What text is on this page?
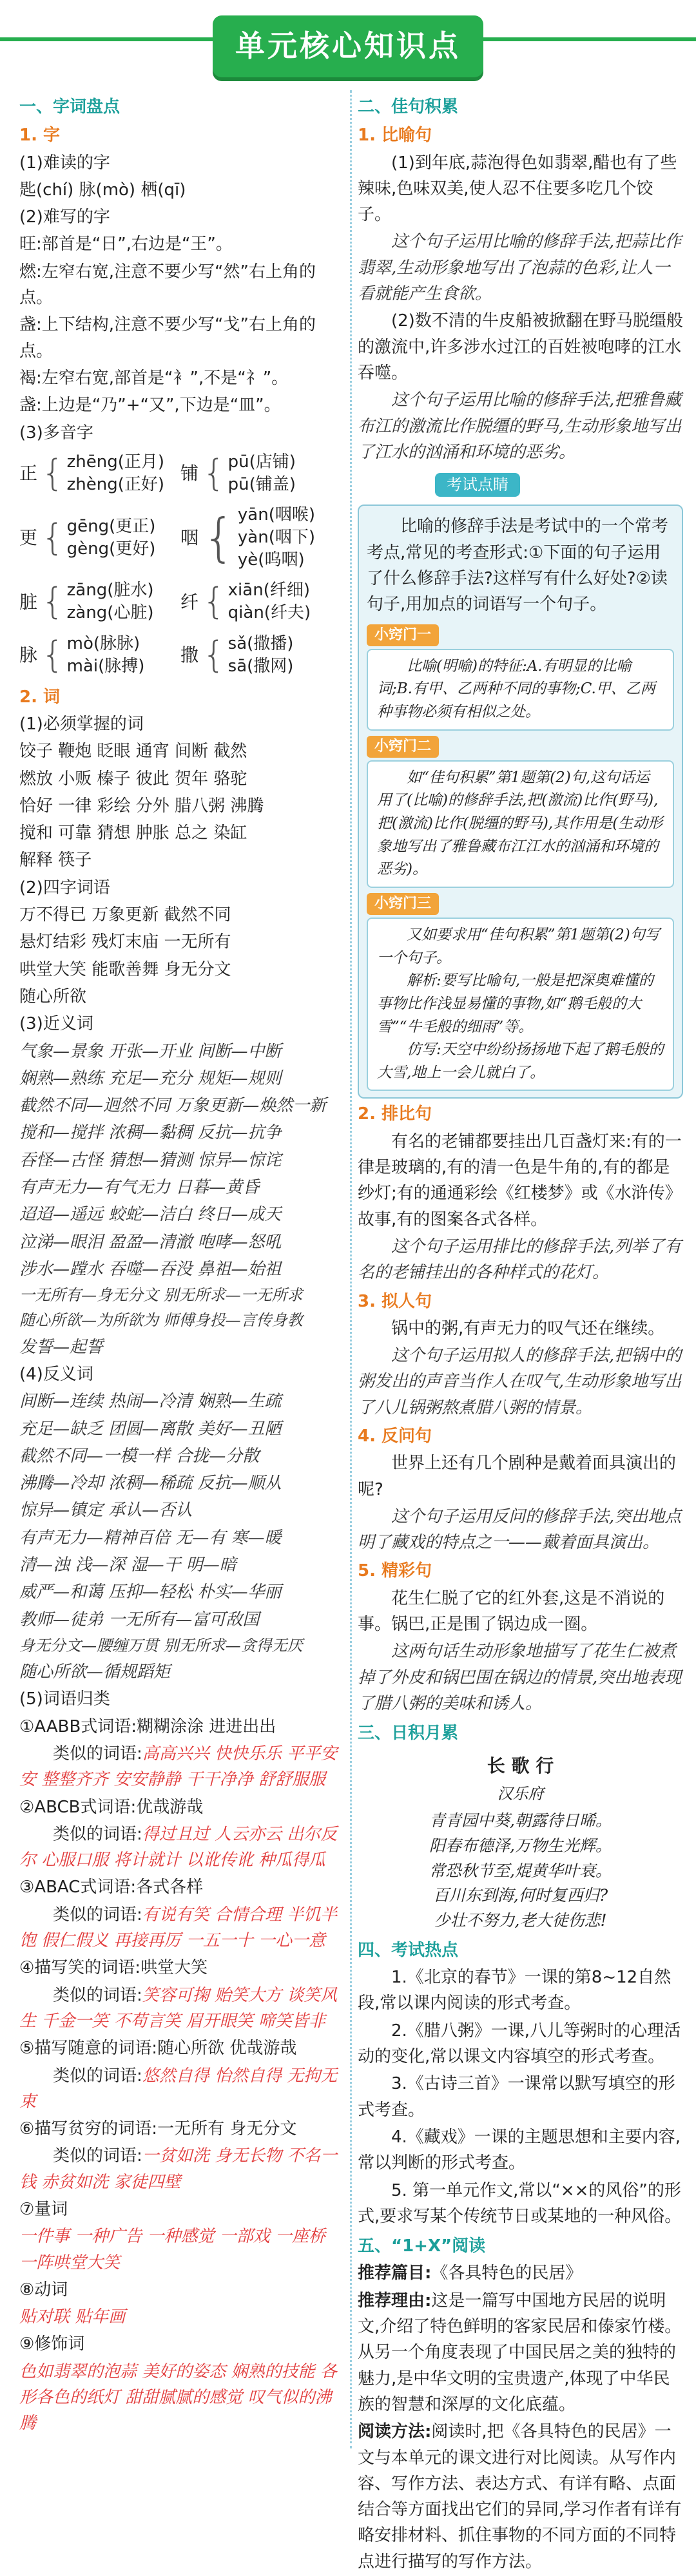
单元核心知识点
一、字词盘点
1. 字
(1)难读的字
匙(chí) 脉(mò) 栖(qī)
(2)难写的字
旺:部首是“日”,右边是“王”。
燃:左窄右宽,注意不要少写“然”右上角的点。
盏:上下结构,注意不要少写“戈”右上角的点。
褐:左窄右宽,部首是“衤”,不是“礻”。
盏:上边是“乃”+“又”,下边是“皿”。
(3)多音字
正 { zhēng(正月)
zhèng(正好)
铺 { pū(店铺)
pū(铺盖)
更 { gēng(更正)
gèng(更好)
咽 { yān(咽喉)
yàn(咽下)
yè(呜咽)
脏 { zāng(脏水)
zàng(心脏)
纤 { xiān(纤细)
qiàn(纤夫)
脉 { mò(脉脉)
mài(脉搏)
撒 { sǎ(撒播)
sā(撒网)
2. 词
(1)必须掌握的词
饺子 鞭炮 眨眼 通宵 间断 截然
燃放 小贩 榛子 彼此 贺年 骆驼
恰好 一律 彩绘 分外 腊八粥 沸腾
搅和 可靠 猜想 肿胀 总之 染缸
解释 筷子
(2)四字词语
万不得已 万象更新 截然不同
悬灯结彩 残灯末庙 一无所有
哄堂大笑 能歌善舞 身无分文
随心所欲
(3)近义词
气象—景象 开张—开业 间断—中断
娴熟—熟练 充足—充分 规矩—规则
截然不同—迥然不同 万象更新—焕然一新
搅和—搅拌 浓稠—黏稠 反抗—抗争
吞怪—古怪 猜想—猜测 惊异—惊诧
有声无力—有气无力 日暮—黄昏
迢迢—遥远 蛟蛇—洁白 终日—成天
泣涕—眼泪 盈盈—清澈 咆哮—怒吼
涉水—蹚水 吞噬—吞没 鼻祖—始祖
一无所有—身无分文 别无所求—一无所求
随心所欲—为所欲为 师傅身投—言传身教
发誓—起誓
(4)反义词
间断—连续 热闹—冷清 娴熟—生疏
充足—缺乏 团圆—离散 美好—丑陋
截然不同—一模一样 合拢—分散
沸腾—冷却 浓稠—稀疏 反抗—顺从
惊异—镇定 承认—否认
有声无力—精神百倍 无—有 寒—暖
清—浊 浅—深 湿—干 明—暗
威严—和蔼 压抑—轻松 朴实—华丽
教师—徒弟 一无所有—富可敌国
身无分文—腰缠万贯 别无所求—贪得无厌
随心所欲—循规蹈矩
(5)词语归类
①AABB式词语:糊糊涂涂 进进出出
类似的词语:高高兴兴 快快乐乐 平平安安 整整齐齐 安安静静 干干净净 舒舒服服
②ABCB式词语:优哉游哉
类似的词语:得过且过 人云亦云 出尔反尔 心服口服 将计就计 以讹传讹 种瓜得瓜
③ABAC式词语:各式各样
类似的词语:有说有笑 合情合理 半饥半饱 假仁假义 再接再厉 一五一十 一心一意
④描写笑的词语:哄堂大笑
类似的词语:笑容可掬 贻笑大方 谈笑风生 千金一笑 不苟言笑 眉开眼笑 啼笑皆非
⑤描写随意的词语:随心所欲 优哉游哉
类似的词语:悠然自得 怡然自得 无拘无束
⑥描写贫穷的词语:一无所有 身无分文
类似的词语:一贫如洗 身无长物 不名一钱 赤贫如洗 家徒四壁
⑦量词
一件事 一种广告 一种感觉 一部戏 一座桥 一阵哄堂大笑
⑧动词
贴对联 贴年画
⑨修饰词
色如翡翠的泡蒜 美好的姿态 娴熟的技能 各形各色的纸灯 甜甜腻腻的感觉 叹气似的沸腾
二、佳句积累
1. 比喻句
(1)到年底,蒜泡得色如翡翠,醋也有了些辣味,色味双美,使人忍不住要多吃几个饺子。
这个句子运用比喻的修辞手法,把蒜比作翡翠,生动形象地写出了泡蒜的色彩,让人一看就能产生食欲。
(2)数不清的牛皮船被掀翻在野马脱缰般的激流中,许多涉水过江的百姓被咆哮的江水吞噬。
这个句子运用比喻的修辞手法,把雅鲁藏布江的激流比作脱缰的野马,生动形象地写出了江水的汹涌和环境的恶劣。
考试点睛
比喻的修辞手法是考试中的一个常考考点,常见的考查形式:①下面的句子运用了什么修辞手法?这样写有什么好处?②读句子,用加点的词语写一个句子。
小窍门一
比喻(明喻)的特征:A.有明显的比喻词;B.有甲、乙两种不同的事物;C.甲、乙两种事物必须有相似之处。
小窍门二
如“佳句积累”第1题第(2)句,这句话运用了(比喻)的修辞手法,把(激流)比作(野马),把(激流)比作(脱缰的野马),其作用是(生动形象地写出了雅鲁藏布江江水的汹涌和环境的恶劣)。
小窍门三
又如要求用“佳句积累”第1题第(2)句写一个句子。
解析:要写比喻句,一般是把深奥难懂的事物比作浅显易懂的事物,如“鹅毛般的大雪”“牛毛般的细雨”等。
仿写:天空中纷纷扬扬地下起了鹅毛般的大雪,地上一会儿就白了。
2. 排比句
有名的老铺都要挂出几百盏灯来:有的一律是玻璃的,有的清一色是牛角的,有的都是纱灯;有的通通彩绘《红楼梦》或《水浒传》故事,有的图案各式各样。
这个句子运用排比的修辞手法,列举了有名的老铺挂出的各种样式的花灯。
3. 拟人句
锅中的粥,有声无力的叹气还在继续。
这个句子运用拟人的修辞手法,把锅中的粥发出的声音当作人在叹气,生动形象地写出了八儿锅粥熬煮腊八粥的情景。
4. 反问句
世界上还有几个剧种是戴着面具演出的呢?
这个句子运用反问的修辞手法,突出地点明了藏戏的特点之一——戴着面具演出。
5. 精彩句
花生仁脱了它的红外套,这是不消说的事。锅巴,正是围了锅边成一圈。
这两句话生动形象地描写了花生仁被煮掉了外皮和锅巴围在锅边的情景,突出地表现了腊八粥的美味和诱人。
三、日积月累
长 歌 行
汉乐府
青青园中葵,朝露待日晞。
阳春布德泽,万物生光辉。
常恐秋节至,焜黄华叶衰。
百川东到海,何时复西归?
少壮不努力,老大徒伤悲!
四、考试热点
1.《北京的春节》一课的第8~12自然段,常以课内阅读的形式考查。
2.《腊八粥》一课,八儿等粥时的心理活动的变化,常以课文内容填空的形式考查。
3.《古诗三首》一课常以默写填空的形式考查。
4.《藏戏》一课的主题思想和主要内容,常以判断的形式考查。
5. 第一单元作文,常以“××的风俗”的形式,要求写某个传统节日或某地的一种风俗。
五、“1+X”阅读
推荐篇目:《各具特色的民居》
推荐理由:这是一篇写中国地方民居的说明文,介绍了特色鲜明的客家民居和傣家竹楼。从另一个角度表现了中国民居之美的独特的魅力,是中华文明的宝贵遗产,体现了中华民族的智慧和深厚的文化底蕴。
阅读方法:阅读时,把《各具特色的民居》一文与本单元的课文进行对比阅读。从写作内容、写作方法、表达方式、有详有略、点面结合等方面找出它们的异同,学习作者有详有略安排材料、抓住事物的不同方面的不同特点进行描写的写作方法。
